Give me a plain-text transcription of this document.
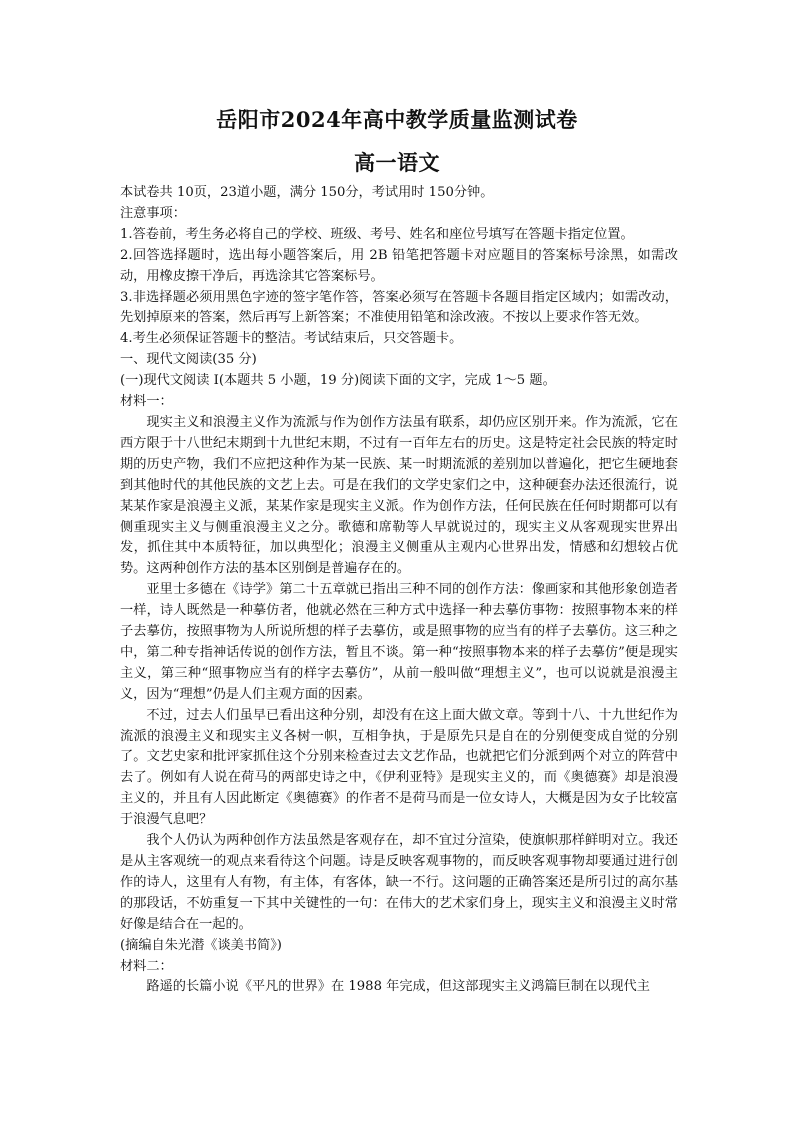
岳阳市2024年高中教学质量监测试卷
高一语文

本试卷共 10页，23道小题，满分 150分，考试用时 150分钟。

注意事项：

1.答卷前，考生务必将自己的学校、班级、考号、姓名和座位号填写在答题卡指定位置。

2.回答选择题时，选出每小题答案后，用 2B 铅笔把答题卡对应题目的答案标号涂黑，如需改动，用橡皮擦干净后，再选涂其它答案标号。

3.非选择题必须用黑色字迹的签字笔作答，答案必须写在答题卡各题目指定区域内；如需改动，先划掉原来的答案，然后再写上新答案；不准使用铅笔和涂改液。不按以上要求作答无效。

4.考生必须保证答题卡的整洁。考试结束后，只交答题卡。

一、现代文阅读(35 分)

(一)现代文阅读 Ⅰ(本题共 5 小题，19 分)阅读下面的文字，完成 1～5 题。

材料一：

现实主义和浪漫主义作为流派与作为创作方法虽有联系，却仍应区别开来。作为流派，它在西方限于十八世纪末期到十九世纪末期，不过有一百年左右的历史。这是特定社会民族的特定时期的历史产物，我们不应把这种作为某一民族、某一时期流派的差别加以普遍化，把它生硬地套到其他时代的其他民族的文艺上去。可是在我们的文学史家们之中，这种硬套办法还很流行，说某某作家是浪漫主义派，某某作家是现实主义派。作为创作方法，任何民族在任何时期都可以有侧重现实主义与侧重浪漫主义之分。歌德和席勒等人早就说过的，现实主义从客观现实世界出发，抓住其中本质特征，加以典型化；浪漫主义侧重从主观内心世界出发，情感和幻想较占优势。这两种创作方法的基本区别倒是普遍存在的。

亚里士多德在《诗学》第二十五章就已指出三种不同的创作方法：像画家和其他形象创造者一样，诗人既然是一种摹仿者，他就必然在三种方式中选择一种去摹仿事物：按照事物本来的样子去摹仿，按照事物为人所说所想的样子去摹仿，或是照事物的应当有的样子去摹仿。这三种之中，第二种专指神话传说的创作方法，暂且不谈。第一种“按照事物本来的样子去摹仿”便是现实主义，第三种“照事物应当有的样字去摹仿”，从前一般叫做“理想主义”，也可以说就是浪漫主义，因为“理想”仍是人们主观方面的因素。

不过，过去人们虽早已看出这种分别，却没有在这上面大做文章。等到十八、十九世纪作为流派的浪漫主义和现实主义各树一帜，互相争执，于是原先只是自在的分别便变成自觉的分别了。文艺史家和批评家抓住这个分别来检查过去文艺作品，也就把它们分派到两个对立的阵营中去了。例如有人说在荷马的两部史诗之中，《伊利亚特》是现实主义的，而《奥德赛》却是浪漫主义的，并且有人因此断定《奥德赛》的作者不是荷马而是一位女诗人，大概是因为女子比较富于浪漫气息吧？

我个人仍认为两种创作方法虽然是客观存在，却不宜过分渲染，使旗帜那样鲜明对立。我还是从主客观统一的观点来看待这个问题。诗是反映客观事物的，而反映客观事物却要通过进行创作的诗人，这里有人有物，有主体，有客体，缺一不行。这问题的正确答案还是所引过的高尔基的那段话，不妨重复一下其中关键性的一句：在伟大的艺术家们身上，现实主义和浪漫主义时常好像是结合在一起的。

(摘编自朱光潜《谈美书简》)

材料二：

路遥的长篇小说《平凡的世界》在 1988 年完成，但这部现实主义鸿篇巨制在以现代主
